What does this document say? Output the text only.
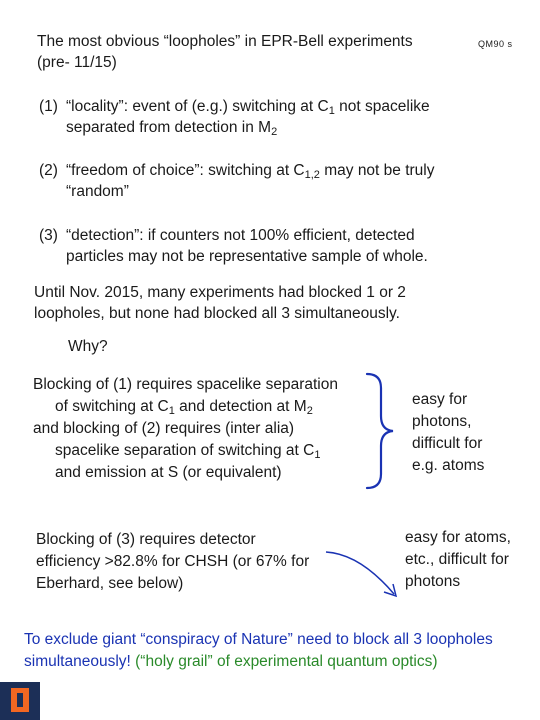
The most obvious “loopholes” in EPR-Bell experiments
(pre- 11/15)
QM90 s
(1) “locality”: event of (e.g.) switching at $C_1$ not spacelike
separated from detection in $M_2$
(2) “freedom of choice”: switching at $C_{1,2}$ may not be truly
“random”
(3) “detection”: if counters not 100% efficient, detected
particles may not be representative sample of whole.
Until Nov. 2015, many experiments had blocked 1 or 2
loopholes, but none had blocked all 3 simultaneously.
Why?
Blocking of (1) requires spacelike separation
of switching at $C_1$ and detection at $M_2$
and blocking of (2) requires (inter alia)
spacelike separation of switching at $C_1$
and emission at S (or equivalent)
easy for
photons,
difficult for
e.g. atoms
Blocking of (3) requires detector
efficiency >82.8% for CHSH (or 67% for
Eberhard, see below)
easy for atoms,
etc., difficult for
photons
To exclude giant “conspiracy of Nature” need to block all 3 loopholes
simultaneously! (“holy grail” of experimental quantum optics)
